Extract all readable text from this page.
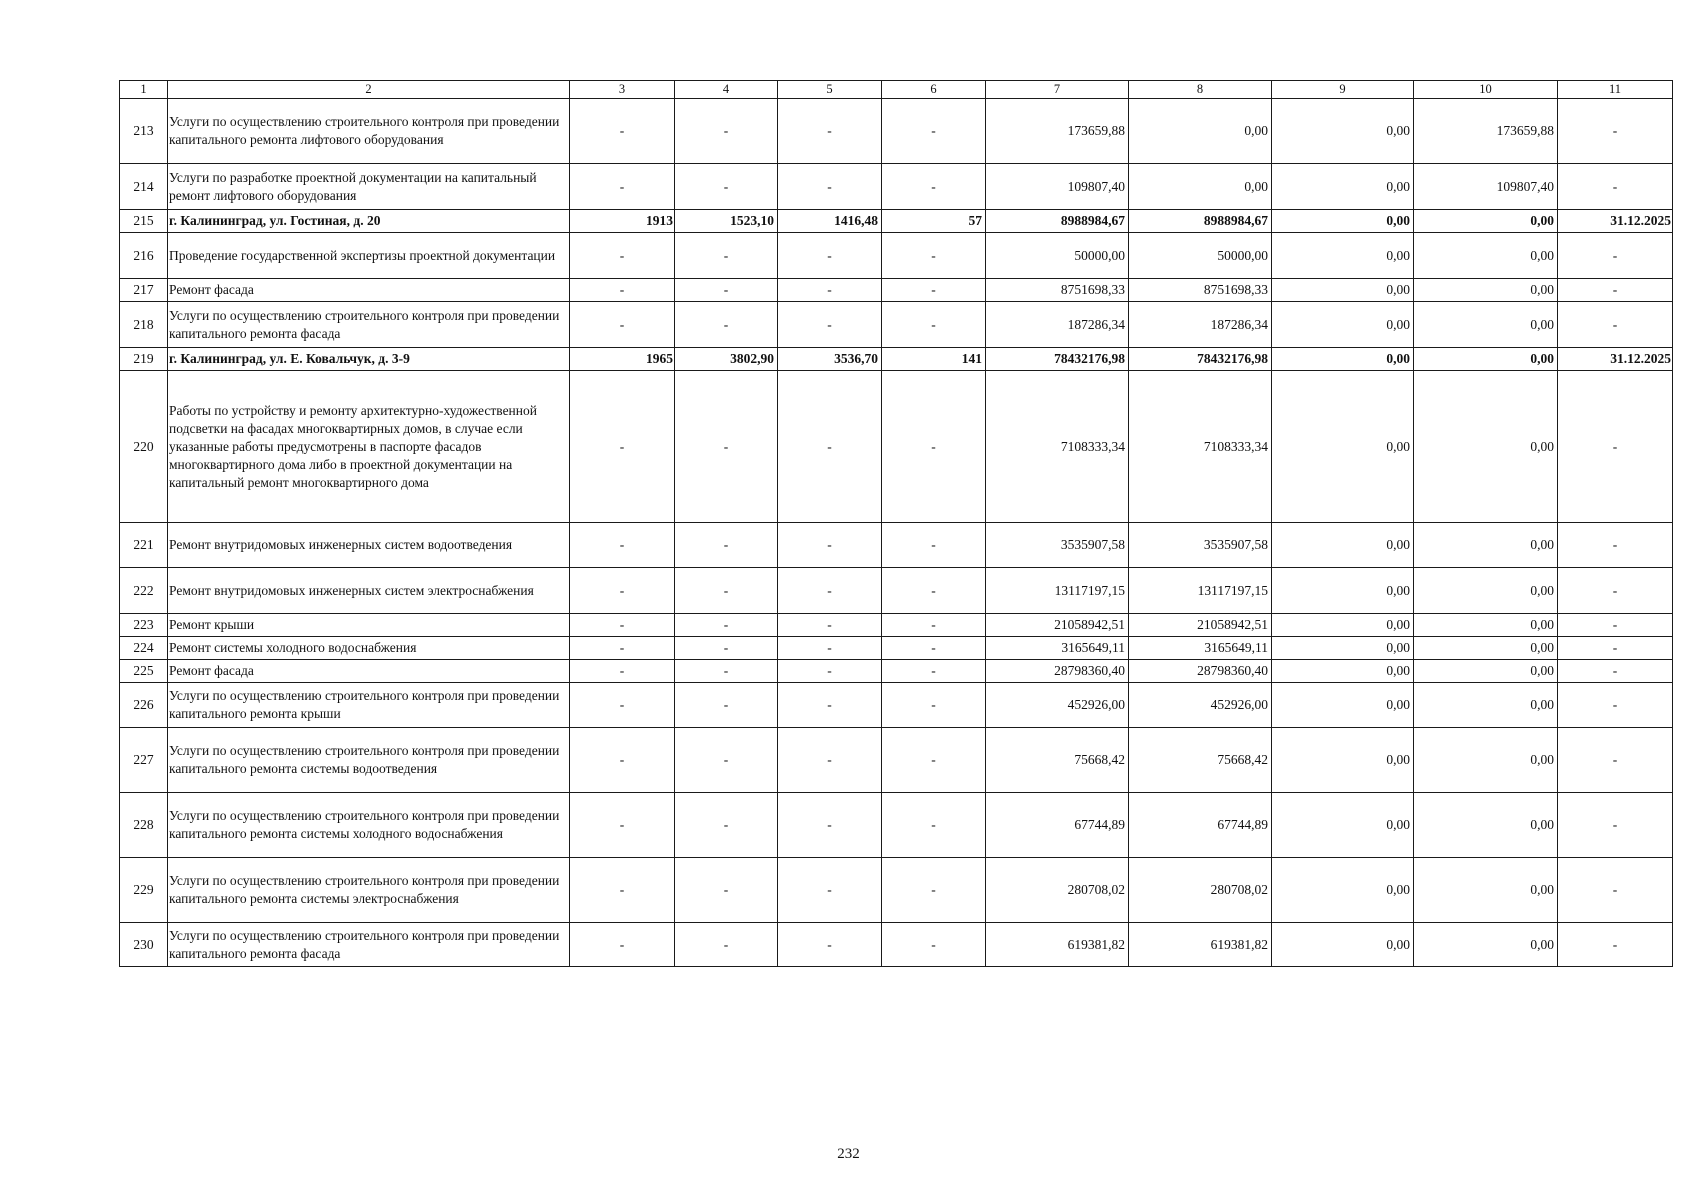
1	2	3	4	5	6	7	8	9	10	11
213	Услуги по осуществлению строительного контроля при проведении капитального ремонта лифтового оборудования	-	-	-	-	173659,88	0,00	0,00	173659,88	-
214	Услуги по разработке проектной документации на капитальный ремонт лифтового оборудования	-	-	-	-	109807,40	0,00	0,00	109807,40	-
215	г. Калининград, ул. Гостиная, д. 20	1913	1523,10	1416,48	57	8988984,67	8988984,67	0,00	0,00	31.12.2025
216	Проведение государственной экспертизы проектной документации	-	-	-	-	50000,00	50000,00	0,00	0,00	-
217	Ремонт фасада	-	-	-	-	8751698,33	8751698,33	0,00	0,00	-
218	Услуги по осуществлению строительного контроля при проведении капитального ремонта фасада	-	-	-	-	187286,34	187286,34	0,00	0,00	-
219	г. Калининград, ул. Е. Ковальчук, д. 3-9	1965	3802,90	3536,70	141	78432176,98	78432176,98	0,00	0,00	31.12.2025
220	Работы по устройству и ремонту архитектурно-художественной подсветки на фасадах многоквартирных домов, в случае если указанные работы предусмотрены в паспорте фасадов многоквартирного дома либо в проектной документации на капитальный ремонт многоквартирного дома	-	-	-	-	7108333,34	7108333,34	0,00	0,00	-
221	Ремонт внутридомовых инженерных систем водоотведения	-	-	-	-	3535907,58	3535907,58	0,00	0,00	-
222	Ремонт внутридомовых инженерных систем электроснабжения	-	-	-	-	13117197,15	13117197,15	0,00	0,00	-
223	Ремонт крыши	-	-	-	-	21058942,51	21058942,51	0,00	0,00	-
224	Ремонт системы холодного водоснабжения	-	-	-	-	3165649,11	3165649,11	0,00	0,00	-
225	Ремонт фасада	-	-	-	-	28798360,40	28798360,40	0,00	0,00	-
226	Услуги по осуществлению строительного контроля при проведении капитального ремонта крыши	-	-	-	-	452926,00	452926,00	0,00	0,00	-
227	Услуги по осуществлению строительного контроля при проведении капитального ремонта системы водоотведения	-	-	-	-	75668,42	75668,42	0,00	0,00	-
228	Услуги по осуществлению строительного контроля при проведении капитального ремонта системы холодного водоснабжения	-	-	-	-	67744,89	67744,89	0,00	0,00	-
229	Услуги по осуществлению строительного контроля при проведении капитального ремонта системы электроснабжения	-	-	-	-	280708,02	280708,02	0,00	0,00	-
230	Услуги по осуществлению строительного контроля при проведении капитального ремонта фасада	-	-	-	-	619381,82	619381,82	0,00	0,00	-
232
